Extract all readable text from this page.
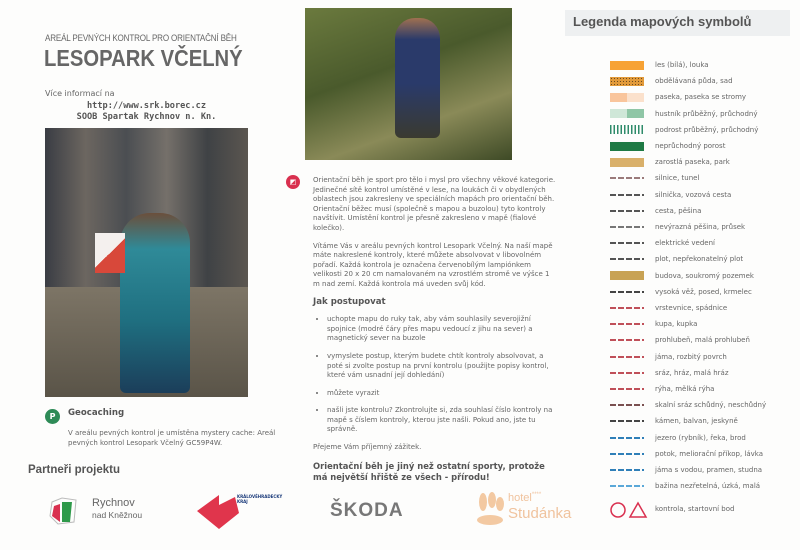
AREÁL PEVNÝCH KONTROL PRO ORIENTAČNÍ BĚH
LESOPARK VČELNÝ
Více informací na
http://www.srk.borec.cz
SOOB Spartak Rychnov n. Kn.
P	Geocaching
V areálu pevných kontrol je umístěna mystery cache: Areál pevných kontrol Lesopark Včelný GC59P4W.
Partneři projektu
Rychnov
nad Kněžnou
KRÁLOVÉHRADECKÝ
KRAJ	ŠKODA
hotel****
Studánka
◩	Orientační běh je sport pro tělo i mysl pro všechny věkové kategorie. Jedinečné sítě kontrol umístěné v lese, na loukách či v obydlených oblastech jsou zakresleny ve speciálních mapách pro orientační běh. Orientační běžec musí (společně s mapou a buzolou) tyto kontroly navštívit. Umístění kontrol je přesně zakresleno v mapě (fialové kolečko).

Vítáme Vás v areálu pevných kontrol Lesopark Včelný. Na naší mapě máte nakreslené kontroly, které můžete absolvovat v libovolném pořadí. Každá kontrola je označena červenobílým lampiónkem velikosti 20 x 20 cm namalovaném na vzrostlém stromě ve výšce 1 m nad zemí. Každá kontrola má uveden svůj kód.

Jak postupovat

• uchopte mapu do ruky tak, aby vám souhlasily severojižní spojnice (modré čáry přes mapu vedoucí z jihu na sever) a magnetický sever na buzole
• vymyslete postup, kterým budete chtít kontroly absolvovat, a poté si zvolte postup na první kontrolu (použijte popisy kontrol, které vám usnadní její dohledání)
• můžete vyrazit
• našli jste kontrolu? Zkontrolujte si, zda souhlasí číslo kontroly na mapě s číslem kontroly, kterou jste našli. Pokud ano, jste tu správně.

Přejeme Vám příjemný zážitek.

Orientační běh je jiný než ostatní sporty, protože má největší hřiště ze všech - přírodu!

Legenda mapových symbolů
les (bílá), louka
obdělávaná půda, sad
paseka, paseka se stromy
hustník průběžný, průchodný
podrost průběžný, průchodný
neprůchodný porost
zarostlá paseka, park
silnice, tunel
silnička, vozová cesta
cesta, pěšina
nevýrazná pěšina, průsek
elektrické vedení
plot, nepřekonatelný plot
budova, soukromý pozemek
vysoká věž, posed, krmelec
vrstevnice, spádnice
kupa, kupka
prohlubeň, malá prohlubeň
jáma, rozbitý povrch
sráz, hráz, malá hráz
rýha, mělká rýha
skalní sráz schůdný, neschůdný
kámen, balvan, jeskyně
jezero (rybník), řeka, brod
potok, meliorační příkop, lávka
jáma s vodou, pramen, studna
bažina nezřetelná, úzká, malá
kontrola, startovní bod
